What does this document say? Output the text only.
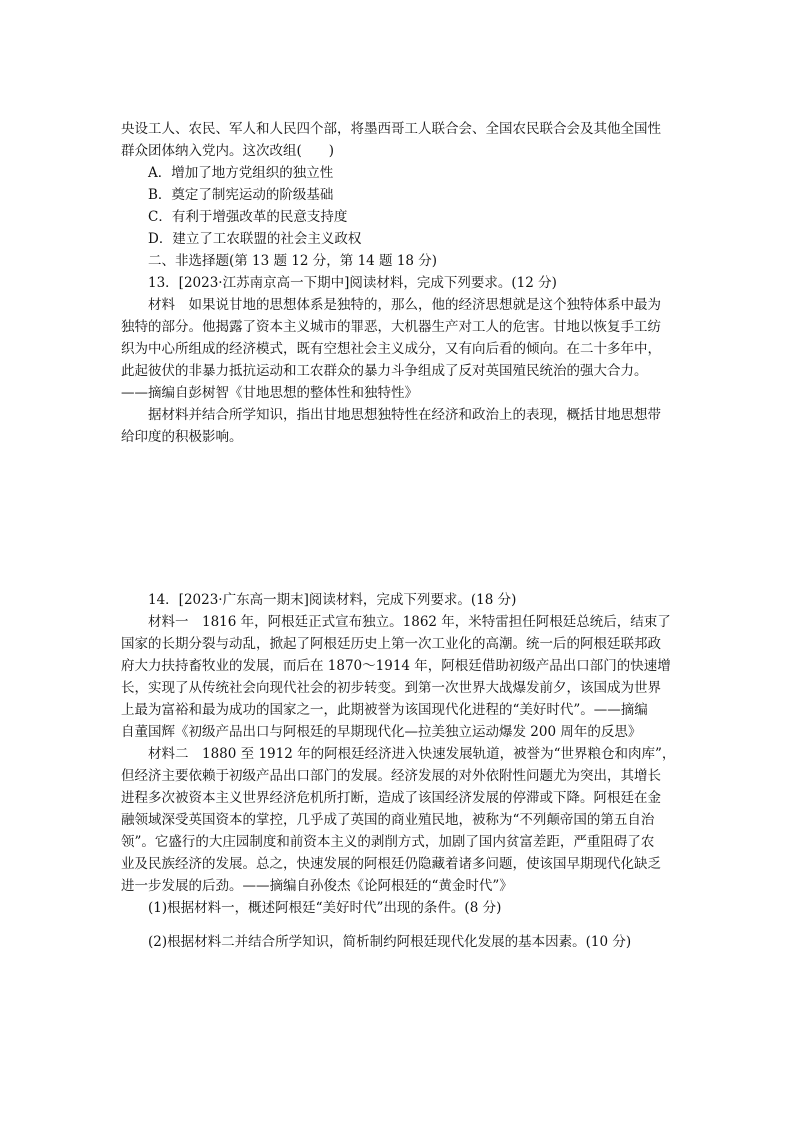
央设工人、农民、军人和人民四个部，将墨西哥工人联合会、全国农民联合会及其他全国性
群众团体纳入党内。这次改组(　　)
A．增加了地方党组织的独立性
B．奠定了制宪运动的阶级基础
C．有利于增强改革的民意支持度
D．建立了工农联盟的社会主义政权
二、非选择题(第 13 题 12 分，第 14 题 18 分)
13．[2023·江苏南京高一下期中]阅读材料，完成下列要求。(12 分)
材料　如果说甘地的思想体系是独特的，那么，他的经济思想就是这个独特体系中最为
独特的部分。他揭露了资本主义城市的罪恶，大机器生产对工人的危害。甘地以恢复手工纺
织为中心所组成的经济模式，既有空想社会主义成分，又有向后看的倾向。在二十多年中，
此起彼伏的非暴力抵抗运动和工农群众的暴力斗争组成了反对英国殖民统治的强大合力。
——摘编自彭树智《甘地思想的整体性和独特性》
据材料并结合所学知识，指出甘地思想独特性在经济和政治上的表现，概括甘地思想带
给印度的积极影响。
14．[2023·广东高一期末]阅读材料，完成下列要求。(18 分)
材料一　1816 年，阿根廷正式宣布独立。1862 年，米特雷担任阿根廷总统后，结束了
国家的长期分裂与动乱，掀起了阿根廷历史上第一次工业化的高潮。统一后的阿根廷联邦政
府大力扶持畜牧业的发展，而后在 1870～1914 年，阿根廷借助初级产品出口部门的快速增
长，实现了从传统社会向现代社会的初步转变。到第一次世界大战爆发前夕，该国成为世界
上最为富裕和最为成功的国家之一，此期被誉为该国现代化进程的“美好时代”。——摘编
自董国辉《初级产品出口与阿根廷的早期现代化—拉美独立运动爆发 200 周年的反思》
材料二　1880 至 1912 年的阿根廷经济进入快速发展轨道，被誉为“世界粮仓和肉库”，
但经济主要依赖于初级产品出口部门的发展。经济发展的对外依附性问题尤为突出，其增长
进程多次被资本主义世界经济危机所打断，造成了该国经济发展的停滞或下降。阿根廷在金
融领域深受英国资本的掌控，几乎成了英国的商业殖民地，被称为“不列颠帝国的第五自治
领”。它盛行的大庄园制度和前资本主义的剥削方式，加剧了国内贫富差距，严重阻碍了农
业及民族经济的发展。总之，快速发展的阿根廷仍隐藏着诸多问题，使该国早期现代化缺乏
进一步发展的后劲。——摘编自孙俊杰《论阿根廷的“黄金时代”》
(1)根据材料一，概述阿根廷“美好时代”出现的条件。(8 分)
(2)根据材料二并结合所学知识，简析制约阿根廷现代化发展的基本因素。(10 分)
